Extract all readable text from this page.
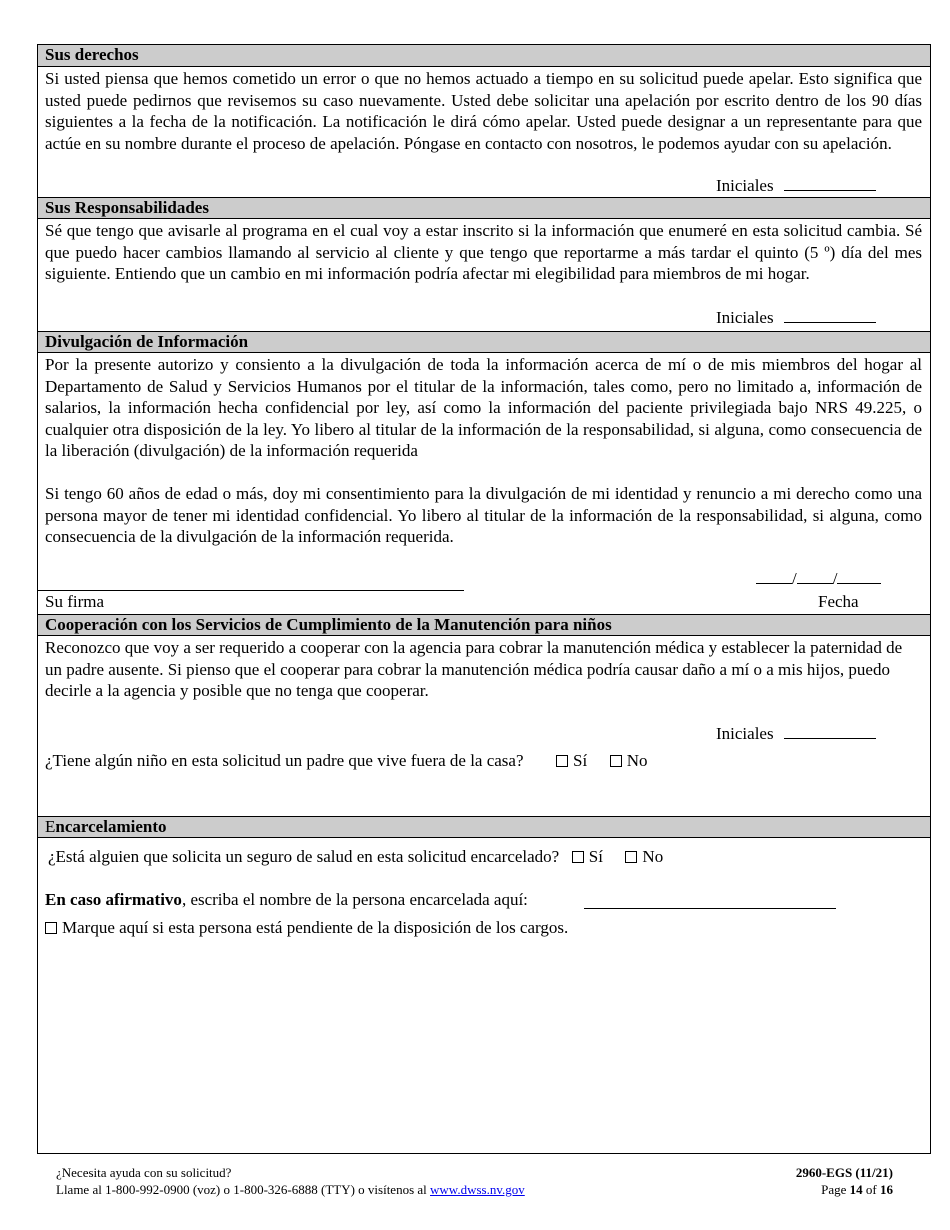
Sus derechos
Si usted piensa que hemos cometido un error o que no hemos actuado a tiempo en su solicitud puede apelar. Esto significa que usted puede pedirnos que revisemos su caso nuevamente. Usted debe solicitar una apelación por escrito dentro de los 90 días siguientes a la fecha de la notificación. La notificación le dirá cómo apelar. Usted puede designar a un representante para que actúe en su nombre durante el proceso de apelación. Póngase en contacto con nosotros, le podemos ayudar con su apelación.
Iniciales
Sus Responsabilidades
Sé que tengo que avisarle al programa en el cual voy a estar inscrito si la información que enumeré en esta solicitud cambia. Sé que puedo hacer cambios llamando al servicio al cliente y que tengo que reportarme a más tardar el quinto (5 º) día del mes siguiente. Entiendo que un cambio en mi información podría afectar mi elegibilidad para miembros de mi hogar.
Iniciales
Divulgación de Información
Por la presente autorizo y consiento a la divulgación de toda la información acerca de mí o de mis miembros del hogar al Departamento de Salud y Servicios Humanos por el titular de la información, tales como, pero no limitado a, información de salarios, la información hecha confidencial por ley, así como la información del paciente privilegiada bajo NRS 49.225, o cualquier otra disposición de la ley. Yo libero al titular de la información de la responsabilidad, si alguna, como consecuencia de la liberación (divulgación) de la información requerida
Si tengo 60 años de edad o más, doy mi consentimiento para la divulgación de mi identidad y renuncio a mi derecho como una persona mayor de tener mi identidad confidencial. Yo libero al titular de la información de la responsabilidad, si alguna, como consecuencia de la divulgación de la información requerida.
Su firma
/ /
Fecha
Cooperación con los Servicios de Cumplimiento de la Manutención para niños
Reconozco que voy a ser requerido a cooperar con la agencia para cobrar la manutención médica y establecer la paternidad de un padre ausente. Si pienso que el cooperar para cobrar la manutención médica podría causar daño a mí o a mis hijos, puedo decirle a la agencia y posible que no tenga que cooperar.
Iniciales
¿Tiene algún niño en esta solicitud un padre que vive fuera de la casa?	Sí No
Encarcelamiento
¿Está alguien que solicita un seguro de salud en esta solicitud encarcelado? Sí No
En caso afirmativo, escriba el nombre de la persona encarcelada aquí:
Marque aquí si esta persona está pendiente de la disposición de los cargos.
¿Necesita ayuda con su solicitud?
Llame al 1-800-992-0900 (voz) o 1-800-326-6888 (TTY) o visítenos al www.dwss.nv.gov
2960-EGS (11/21)
Page 14 of 16
